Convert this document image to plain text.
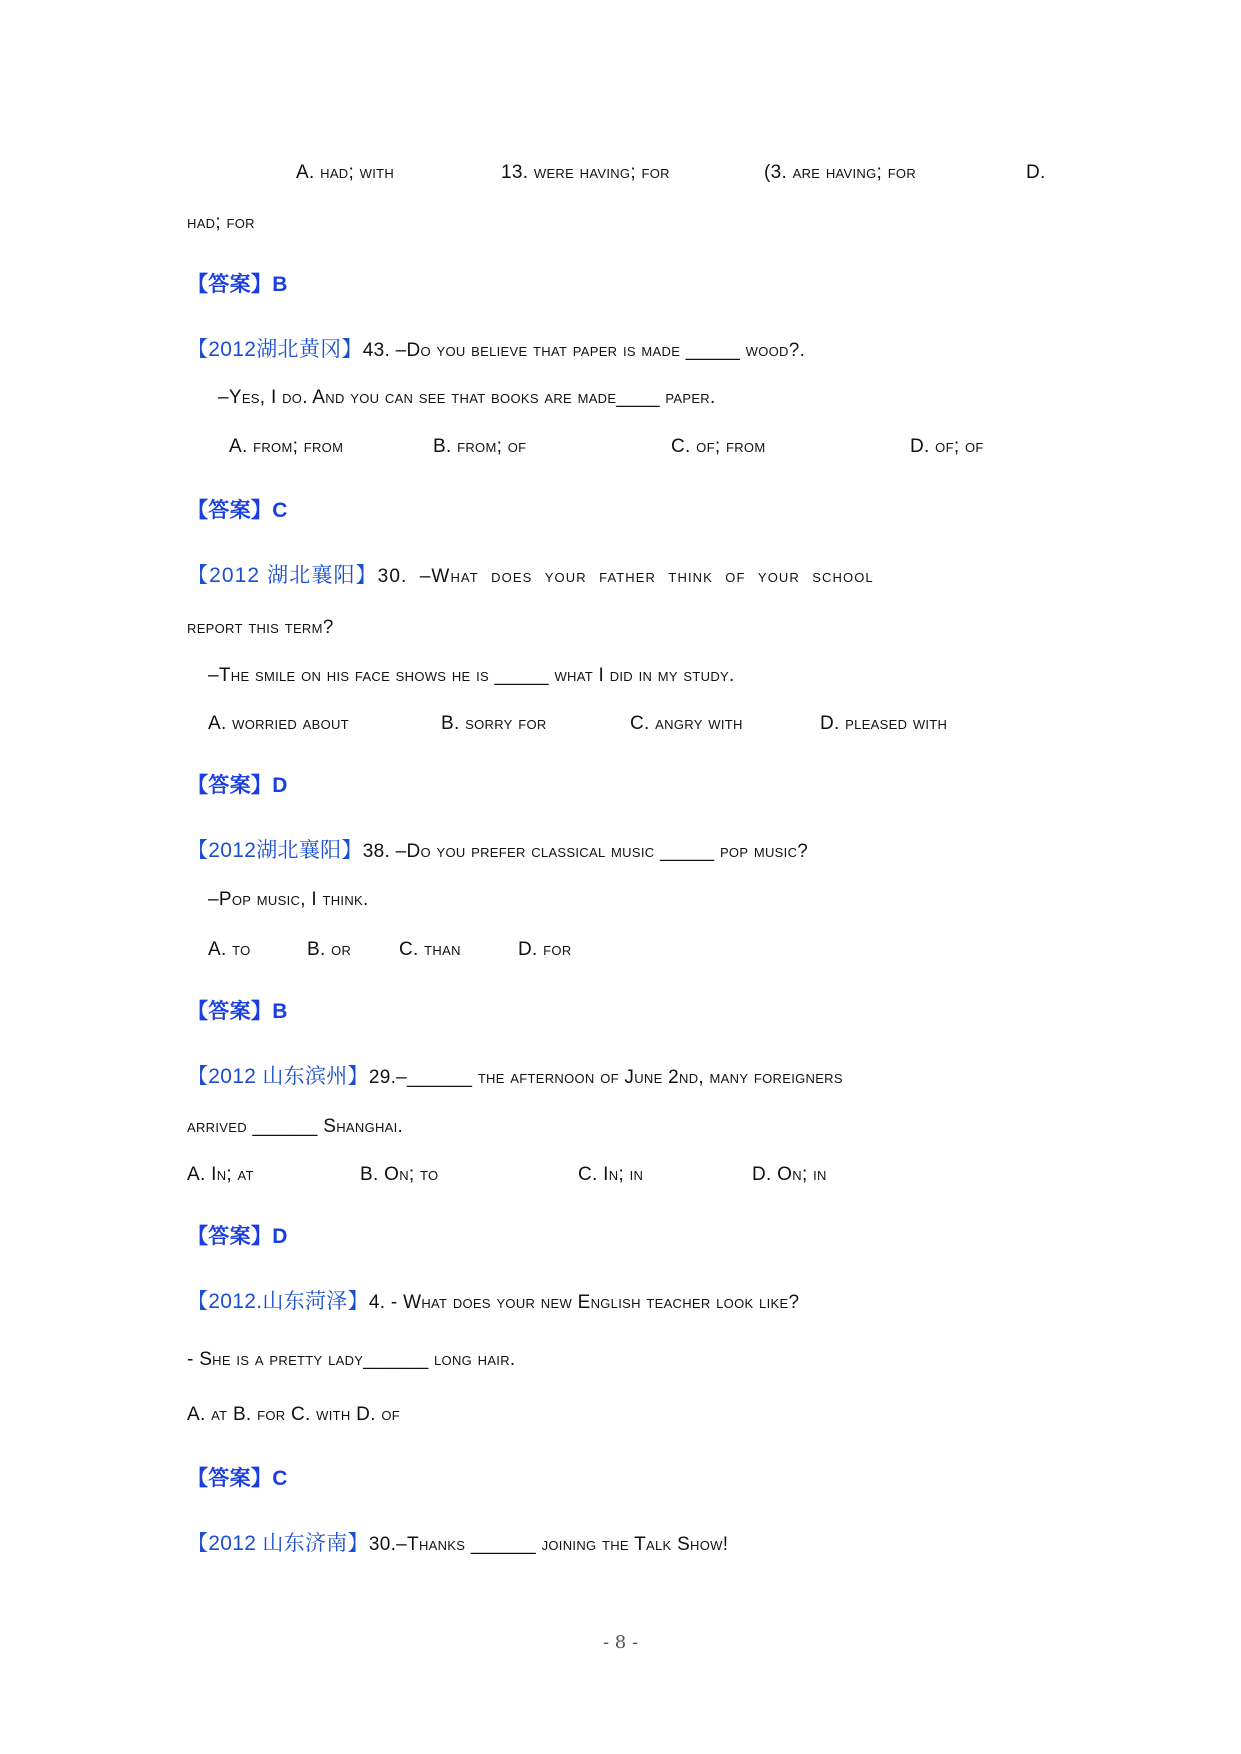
A. had; with	13. were having; for	(3. are having; for	D.
had; for
【答案】B
【2012湖北黄冈】43. –Do you believe that paper is made _____ wood?.
–Yes, I do. And you can see that books are made____ paper.
A. from; from	B. from; of	C. of; from	D. of; of
【答案】C
【2012 湖北襄阳】30. –What does your father think of your school
report this term?
–The smile on his face shows he is _____ what I did in my study.
A. worried about	B. sorry for	C. angry with	D. pleased with
【答案】D
【2012湖北襄阳】38. –Do you prefer classical music _____ pop music?
–Pop music, I think.
A. to	B. or	C. than	D. for
【答案】B
【2012 山东滨州】29.–______ the afternoon of June 2nd, many foreigners
arrived ______ Shanghai.
A. In; at	B. On; to	C. In; in	D. On; in
【答案】D
【2012.山东菏泽】4. - What does your new English teacher look like?
- She is a pretty lady______ long hair.
A. at B. for C. with D. of
【答案】C
【2012 山东济南】30.–Thanks ______ joining the Talk Show!
- 8 -
